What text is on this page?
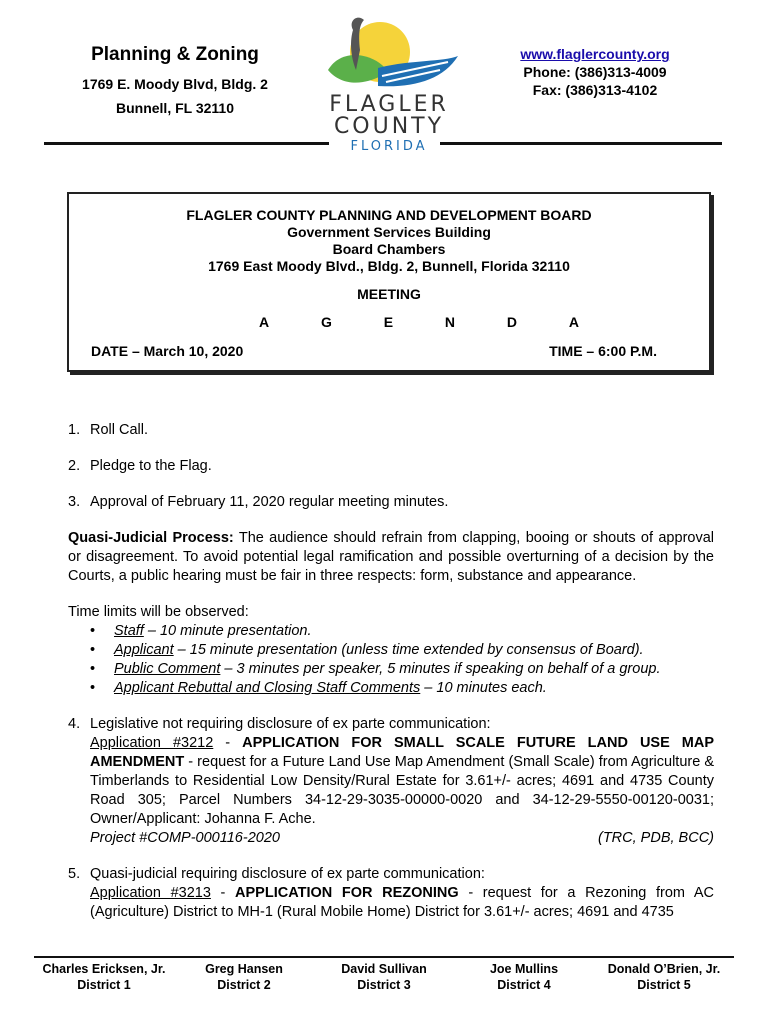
Planning & Zoning
1769 E. Moody Blvd, Bldg. 2
Bunnell, FL 32110	FLAGLER
COUNTY
FLORIDA
www.flaglercounty.org
Phone: (386)313-4009
Fax: (386)313-4102
FLAGLER COUNTY PLANNING AND DEVELOPMENT BOARD
Government Services Building
Board Chambers
1769 East Moody Blvd., Bldg. 2, Bunnell, Florida 32110
MEETING
A	G	E	N	D	A
DATE – March 10, 2020	TIME – 6:00 P.M.
1. Roll Call.
2. Pledge to the Flag.
3. Approval of February 11, 2020 regular meeting minutes.
Quasi-Judicial Process: The audience should refrain from clapping, booing or shouts of approval or disagreement. To avoid potential legal ramification and possible overturning of a decision by the Courts, a public hearing must be fair in three respects: form, substance and appearance.
Time limits will be observed:
• Staff – 10 minute presentation.
• Applicant – 15 minute presentation (unless time extended by consensus of Board).
• Public Comment – 3 minutes per speaker, 5 minutes if speaking on behalf of a group.
• Applicant Rebuttal and Closing Staff Comments – 10 minutes each.
4. Legislative not requiring disclosure of ex parte communication:
Application #3212 - APPLICATION FOR SMALL SCALE FUTURE LAND USE MAP AMENDMENT - request for a Future Land Use Map Amendment (Small Scale) from Agriculture & Timberlands to Residential Low Density/Rural Estate for 3.61+/- acres; 4691 and 4735 County Road 305; Parcel Numbers 34-12-29-3035-00000-0020 and 34-12-29-5550-00120-0031; Owner/Applicant: Johanna F. Ache.
Project #COMP-000116-2020	(TRC, PDB, BCC)
5. Quasi-judicial requiring disclosure of ex parte communication:
Application #3213 - APPLICATION FOR REZONING - request for a Rezoning from AC (Agriculture) District to MH-1 (Rural Mobile Home) District for 3.61+/- acres; 4691 and 4735
Charles Ericksen, Jr.
District 1
Greg Hansen
District 2
David Sullivan
District 3
Joe Mullins
District 4
Donald O’Brien, Jr.
District 5
